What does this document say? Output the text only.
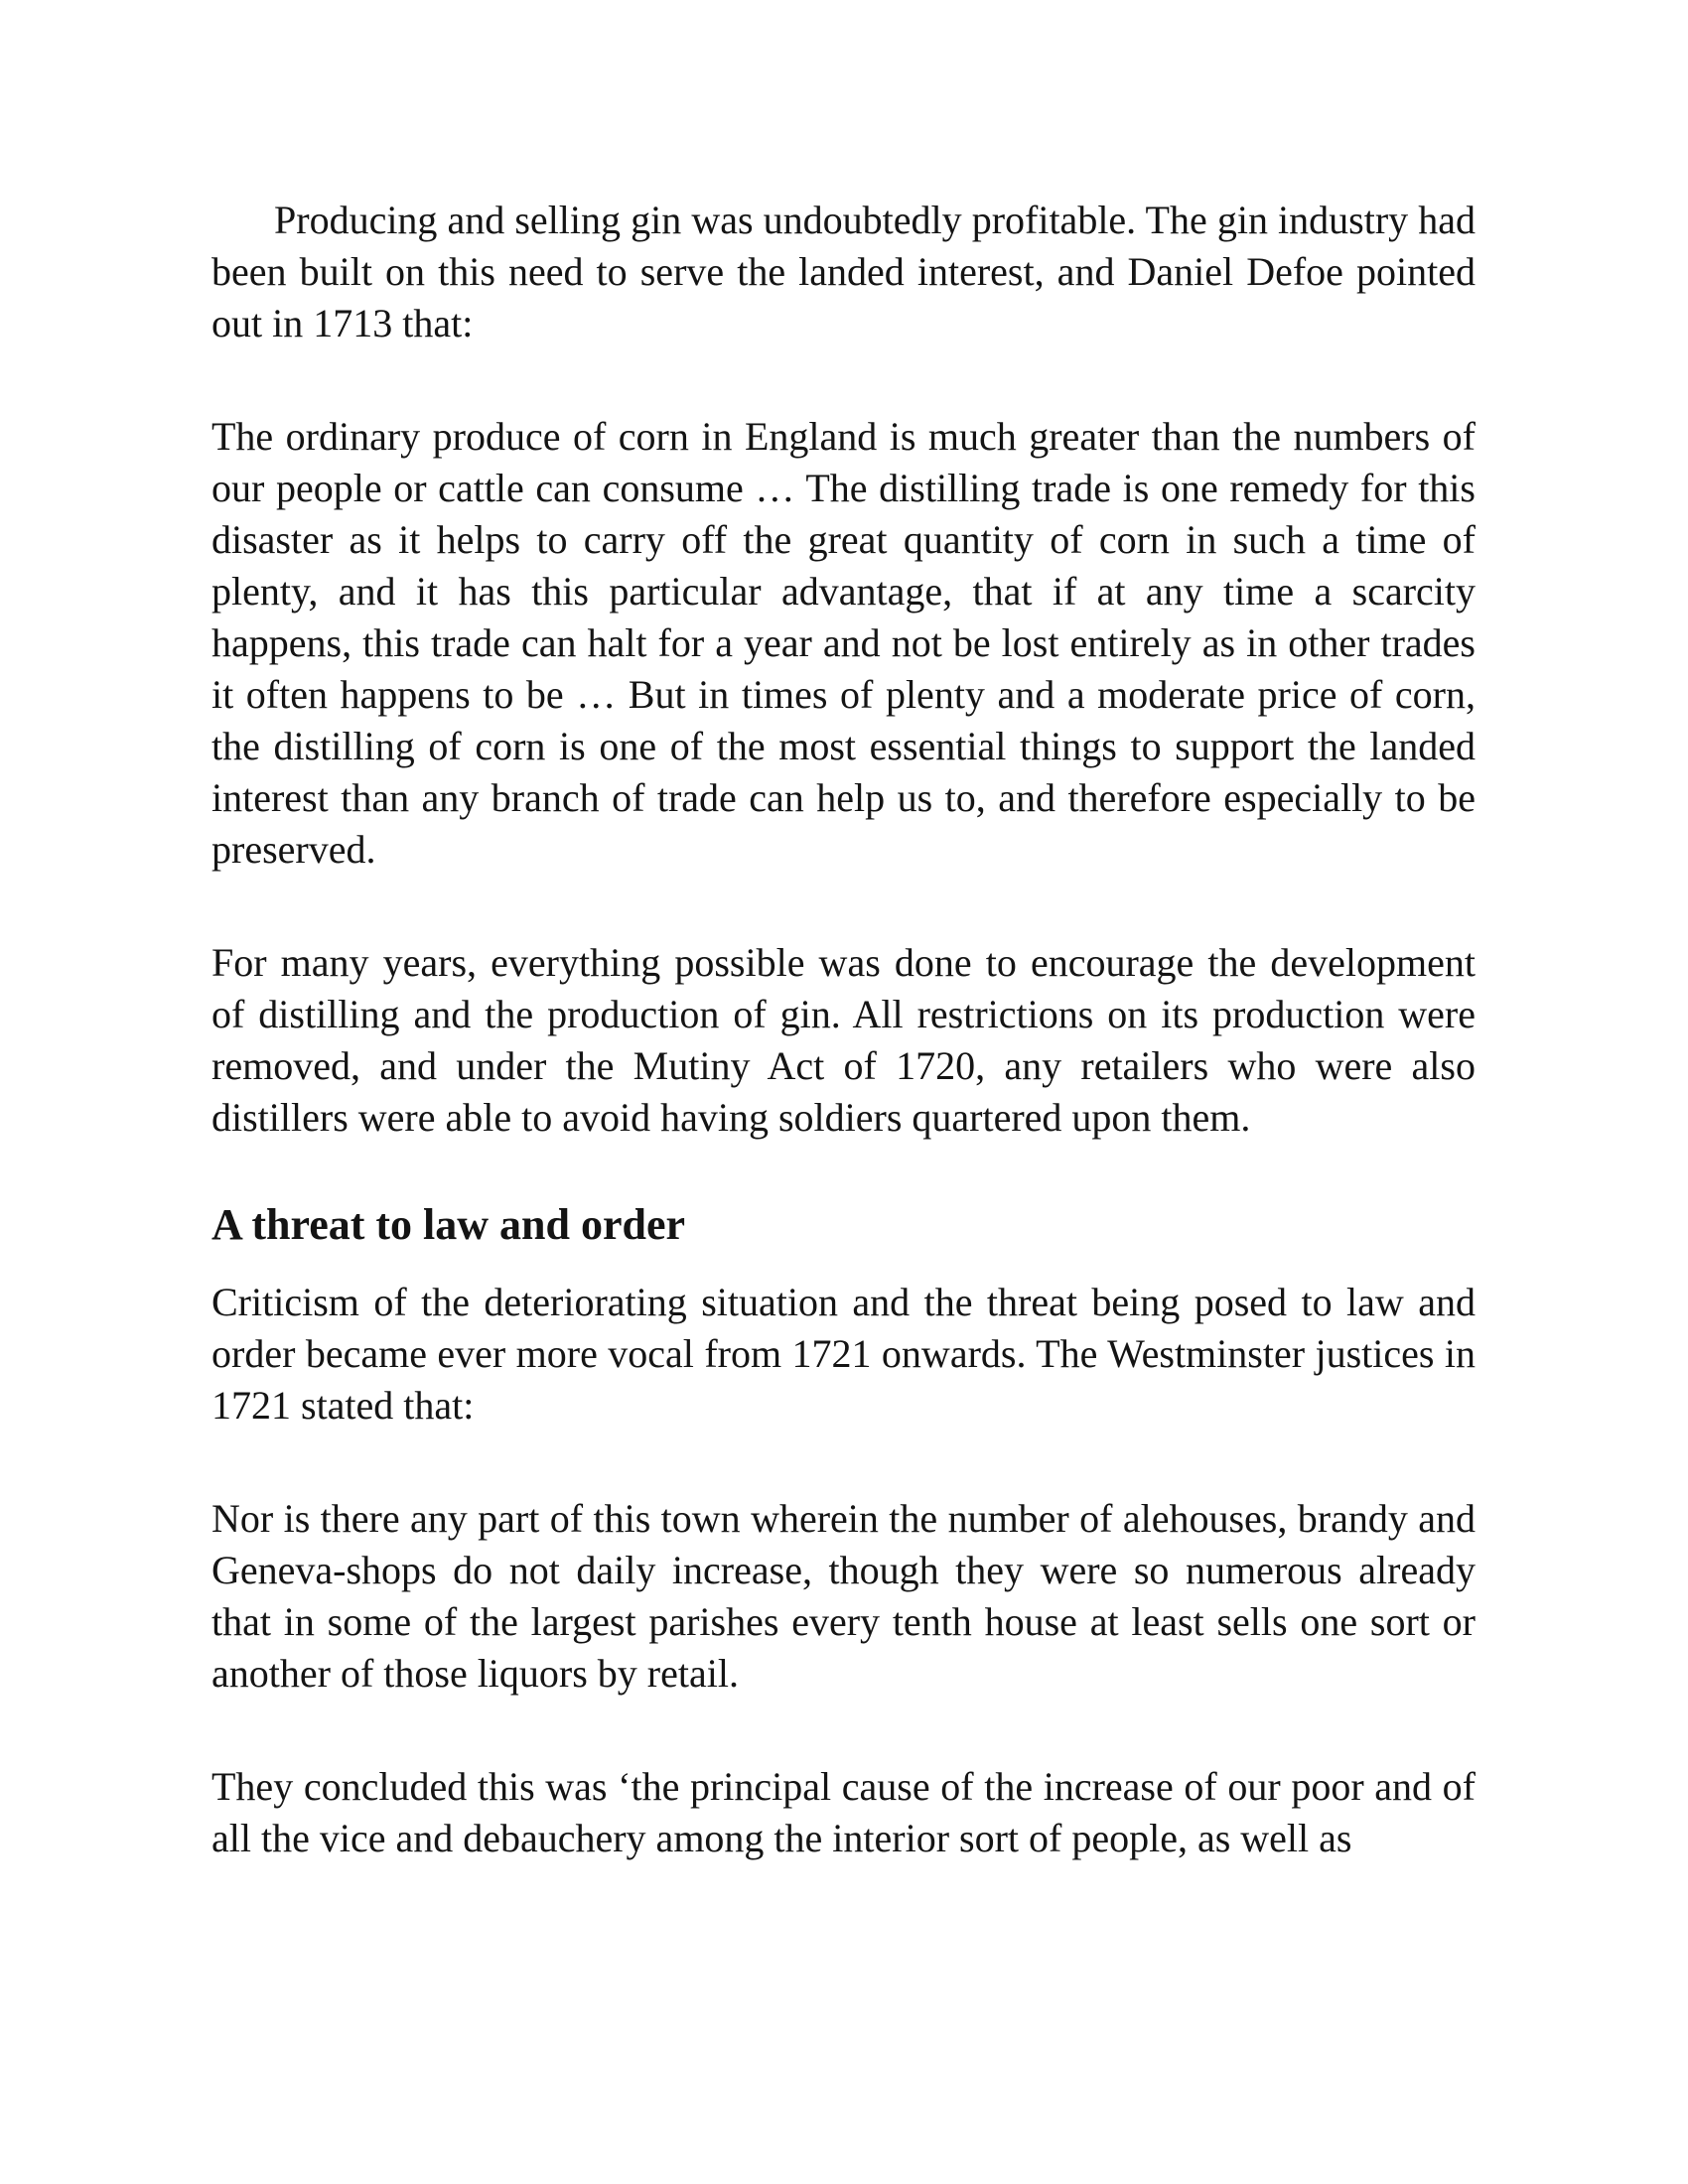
Producing and selling gin was undoubtedly profitable. The gin industry had been built on this need to serve the landed interest, and Daniel Defoe pointed out in 1713 that:

The ordinary produce of corn in England is much greater than the numbers of our people or cattle can consume … The distilling trade is one remedy for this disaster as it helps to carry off the great quantity of corn in such a time of plenty, and it has this particular advantage, that if at any time a scarcity happens, this trade can halt for a year and not be lost entirely as in other trades it often happens to be … But in times of plenty and a moderate price of corn, the distilling of corn is one of the most essential things to support the landed interest than any branch of trade can help us to, and therefore especially to be preserved.

For many years, everything possible was done to encourage the development of distilling and the production of gin. All restrictions on its production were removed, and under the Mutiny Act of 1720, any retailers who were also distillers were able to avoid having soldiers quartered upon them.

A threat to law and order

Criticism of the deteriorating situation and the threat being posed to law and order became ever more vocal from 1721 onwards. The Westminster justices in 1721 stated that:

Nor is there any part of this town wherein the number of alehouses, brandy and Geneva-shops do not daily increase, though they were so numerous already that in some of the largest parishes every tenth house at least sells one sort or another of those liquors by retail.

They concluded this was ‘the principal cause of the increase of our poor and of all the vice and debauchery among the interior sort of people, as well as
